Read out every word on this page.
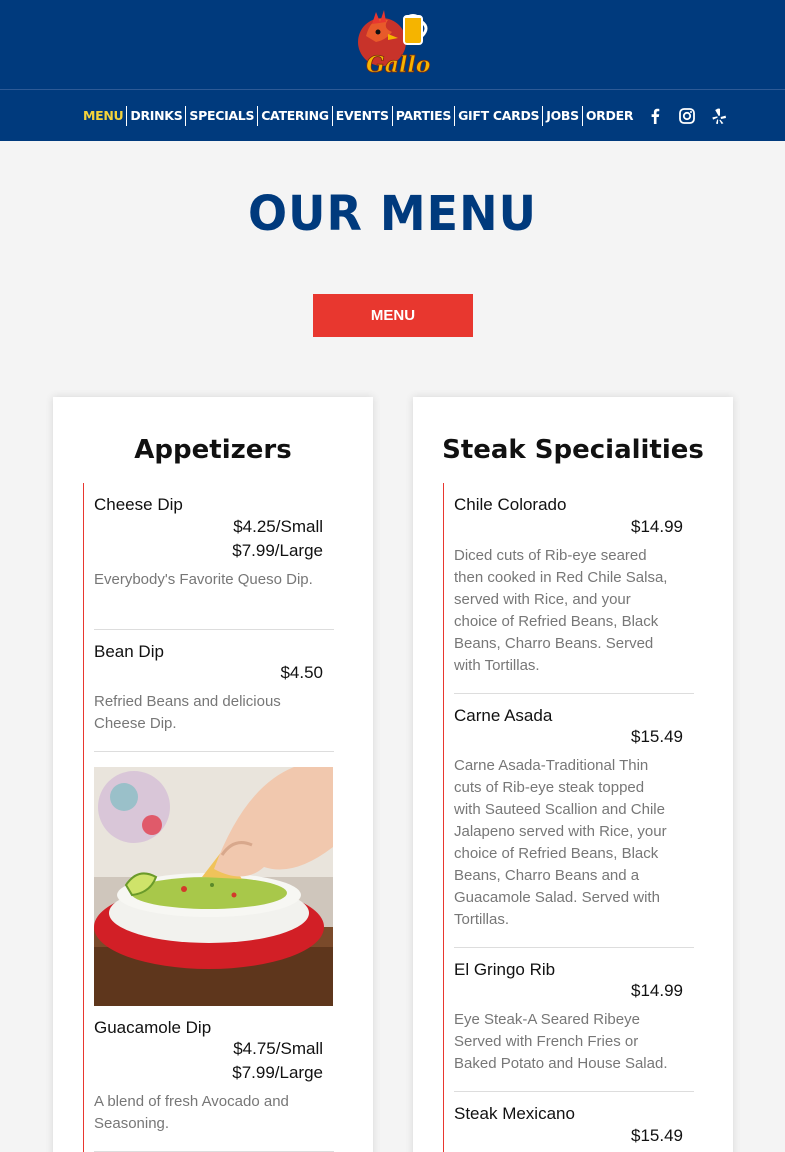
Gallo
MENU DRINKS SPECIALS CATERING EVENTS PARTIES GIFT CARDS JOBS ORDER
OUR MENU
MENU
Appetizers
Cheese Dip
$4.25/Small
$7.99/Large
Everybody's Favorite Queso Dip.
Bean Dip
$4.50
Refried Beans and delicious Cheese Dip.
Guacamole Dip
$4.75/Small
$7.99/Large
A blend of fresh Avocado and Seasoning.
Steak Specialities
Chile Colorado
$14.99
Diced cuts of Rib-eye seared then cooked in Red Chile Salsa, served with Rice, and your choice of Refried Beans, Black Beans, Charro Beans. Served with Tortillas.
Carne Asada
$15.49
Carne Asada-Traditional Thin cuts of Rib-eye steak topped with Sauteed Scallion and Chile Jalapeno served with Rice, your choice of Refried Beans, Black Beans, Charro Beans and a Guacamole Salad. Served with Tortillas.
El Gringo Rib
$14.99
Eye Steak-A Seared Ribeye Served with French Fries or Baked Potato and House Salad.
Steak Mexicano
$15.49
